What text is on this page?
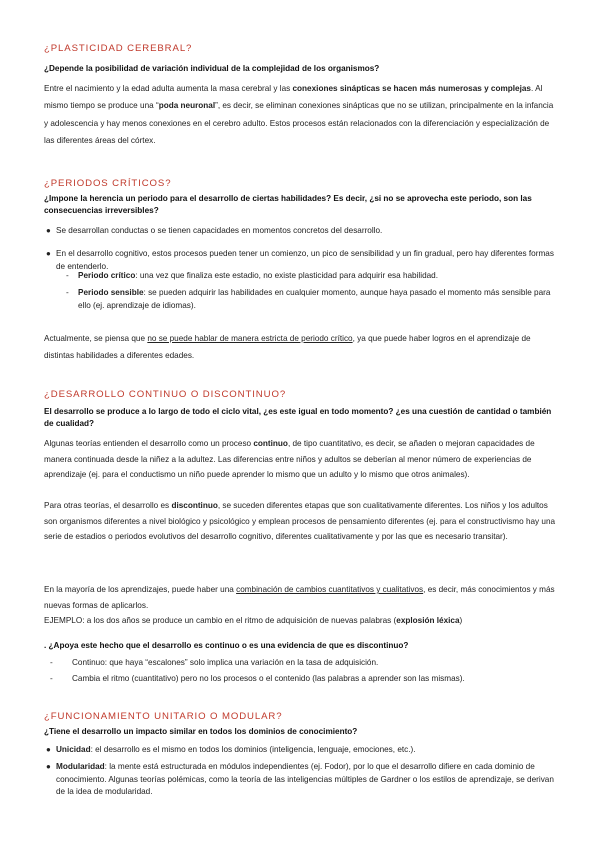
¿PLASTICIDAD CEREBRAL?
¿Depende la posibilidad de variación individual de la complejidad de los organismos?
Entre el nacimiento y la edad adulta aumenta la masa cerebral y las conexiones sinápticas se hacen más numerosas y complejas. Al mismo tiempo se produce una “poda neuronal”, es decir, se eliminan conexiones sinápticas que no se utilizan, principalmente en la infancia y adolescencia y hay menos conexiones en el cerebro adulto. Estos procesos están relacionados con la diferenciación y especialización de las diferentes áreas del córtex.
¿PERIODOS CRÍTICOS?
¿Impone la herencia un periodo para el desarrollo de ciertas habilidades? Es decir, ¿si no se aprovecha este periodo, son las consecuencias irreversibles?
● Se desarrollan conductas o se tienen capacidades en momentos concretos del desarrollo.
● En el desarrollo cognitivo, estos procesos pueden tener un comienzo, un pico de sensibilidad y un fin gradual, pero hay diferentes formas de entenderlo.
- Periodo crítico: una vez que finaliza este estadio, no existe plasticidad para adquirir esa habilidad.
- Periodo sensible: se pueden adquirir las habilidades en cualquier momento, aunque haya pasado el momento más sensible para ello (ej. aprendizaje de idiomas).
Actualmente, se piensa que no se puede hablar de manera estricta de periodo crítico, ya que puede haber logros en el aprendizaje de distintas habilidades a diferentes edades.
¿DESARROLLO CONTINUO O DISCONTINUO?
El desarrollo se produce a lo largo de todo el ciclo vital, ¿es este igual en todo momento? ¿es una cuestión de cantidad o también de cualidad?
Algunas teorías entienden el desarrollo como un proceso continuo, de tipo cuantitativo, es decir, se añaden o mejoran capacidades de manera continuada desde la niñez a la adultez. Las diferencias entre niños y adultos se deberían al menor número de experiencias de aprendizaje (ej. para el conductismo un niño puede aprender lo mismo que un adulto y lo mismo que otros animales).
Para otras teorías, el desarrollo es discontinuo, se suceden diferentes etapas que son cualitativamente diferentes. Los niños y los adultos son organismos diferentes a nivel biológico y psicológico y emplean procesos de pensamiento diferentes (ej. para el constructivismo hay una serie de estadios o periodos evolutivos del desarrollo cognitivo, diferentes cualitativamente y por las que es necesario transitar).
En la mayoría de los aprendizajes, puede haber una combinación de cambios cuantitativos y cualitativos, es decir, más conocimientos y más nuevas formas de aplicarlos.
EJEMPLO: a los dos años se produce un cambio en el ritmo de adquisición de nuevas palabras (explosión léxica)
. ¿Apoya este hecho que el desarrollo es continuo o es una evidencia de que es discontinuo?
- Continuo: que haya “escalones” solo implica una variación en la tasa de adquisición.
- Cambia el ritmo (cuantitativo) pero no los procesos o el contenido (las palabras a aprender son las mismas).
¿FUNCIONAMIENTO UNITARIO O MODULAR?
¿Tiene el desarrollo un impacto similar en todos los dominios de conocimiento?
● Unicidad: el desarrollo es el mismo en todos los dominios (inteligencia, lenguaje, emociones, etc.).
● Modularidad: la mente está estructurada en módulos independientes (ej. Fodor), por lo que el desarrollo difiere en cada dominio de conocimiento. Algunas teorías polémicas, como la teoría de las inteligencias múltiples de Gardner o los estilos de aprendizaje, se derivan de la idea de modularidad.
